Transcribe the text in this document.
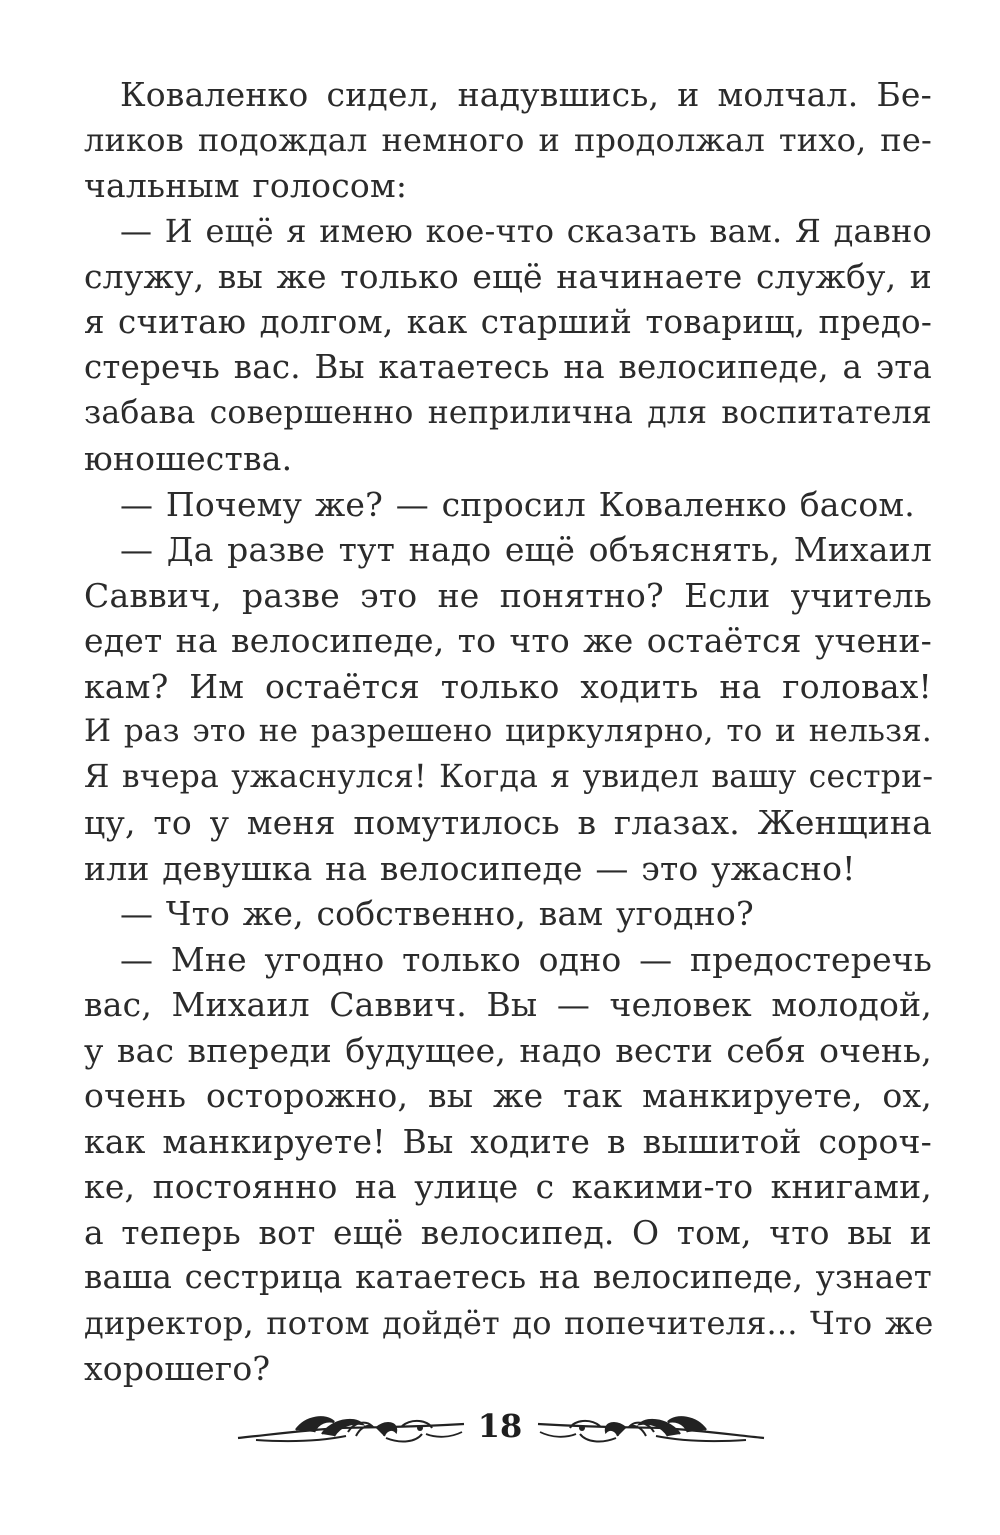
Коваленко сидел, надувшись, и молчал. Бе-
ликов подождал немного и продолжал тихо, пе-
чальным голосом:
— И ещё я имею кое-что сказать вам. Я давно
служу, вы же только ещё начинаете службу, и
я считаю долгом, как старший товарищ, предо-
стеречь вас. Вы катаетесь на велосипеде, а эта
забава совершенно неприлична для воспитателя
юношества.
— Почему же? — спросил Коваленко басом.
— Да разве тут надо ещё объяснять, Михаил
Саввич, разве это не понятно? Если учитель
едет на велосипеде, то что же остаётся учени-
кам? Им остаётся только ходить на головах!
И раз это не разрешено циркулярно, то и нельзя.
Я вчера ужаснулся! Когда я увидел вашу сестри-
цу, то у меня помутилось в глазах. Женщина
или девушка на велосипеде — это ужасно!
— Что же, собственно, вам угодно?
— Мне угодно только одно — предостеречь
вас, Михаил Саввич. Вы — человек молодой,
у вас впереди будущее, надо вести себя очень,
очень осторожно, вы же так манкируете, ох,
как манкируете! Вы ходите в вышитой сороч-
ке, постоянно на улице с какими-то книгами,
а теперь вот ещё велосипед. О том, что вы и
ваша сестрица катаетесь на велосипеде, узнает
директор, потом дойдёт до попечителя... Что же
хорошего?
18
